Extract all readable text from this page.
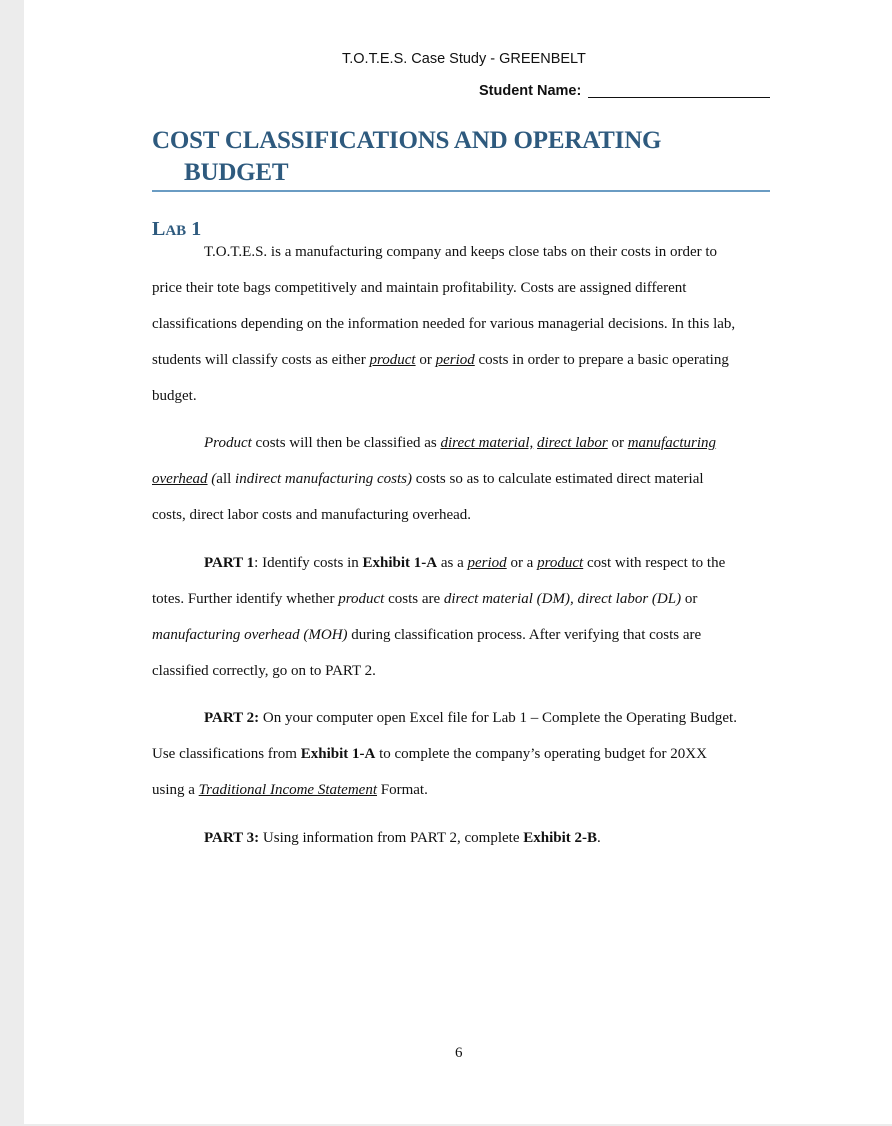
T.O.T.E.S. Case Study - GREENBELT
Student Name:
COST CLASSIFICATIONS AND OPERATING
BUDGET
LAB 1
T.O.T.E.S. is a manufacturing company and keeps close tabs on their costs in order to
price their tote bags competitively and maintain profitability. Costs are assigned different
classifications depending on the information needed for various managerial decisions. In this lab,
students will classify costs as either product or period costs in order to prepare a basic operating
budget.
Product costs will then be classified as direct material, direct labor or manufacturing
overhead (all indirect manufacturing costs) costs so as to calculate estimated direct material
costs, direct labor costs and manufacturing overhead.
PART 1: Identify costs in Exhibit 1-A as a period or a product cost with respect to the
totes. Further identify whether product costs are direct material (DM), direct labor (DL) or
manufacturing overhead (MOH) during classification process. After verifying that costs are
classified correctly, go on to PART 2.
PART 2: On your computer open Excel file for Lab 1 – Complete the Operating Budget.
Use classifications from Exhibit 1-A to complete the company’s operating budget for 20XX
using a Traditional Income Statement Format.
PART 3: Using information from PART 2, complete Exhibit 2-B.
6
